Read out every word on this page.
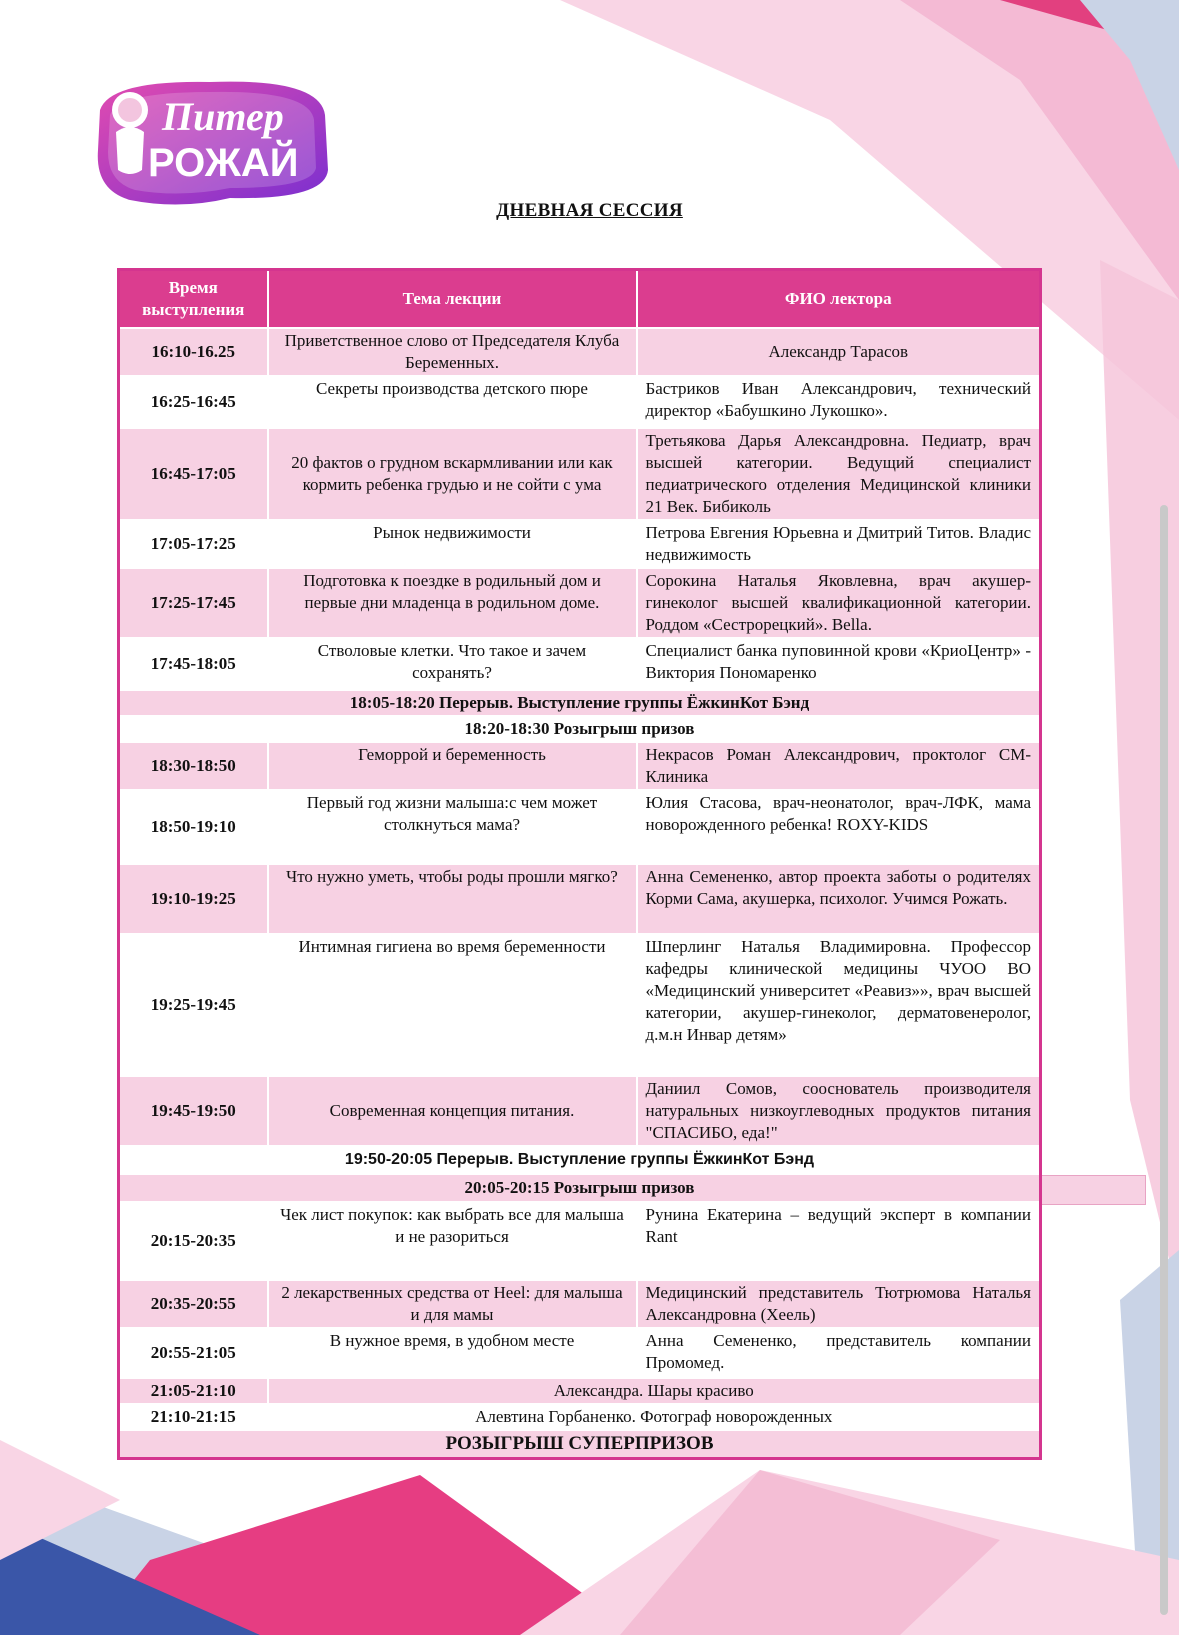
Питер
РОЖАЙ
ДНЕВНАЯ СЕССИЯ
Время выступления	Тема лекции	ФИО лектора
16:10-16.25	Приветственное слово от Председателя Клуба Беременных.	Александр Тарасов
16:25-16:45	Секреты производства детского пюре	Бастриков Иван Александрович, технический директор «Бабушкино Лукошко».
16:45-17:05	20 фактов о грудном вскармливании или как кормить ребенка грудью и не сойти с ума	Третьякова Дарья Александровна. Педиатр, врач высшей категории. Ведущий специалист педиатрического отделения Медицинской клиники 21 Век. Бибиколь
17:05-17:25	Рынок недвижимости	Петрова Евгения Юрьевна и Дмитрий Титов. Владис недвижимость
17:25-17:45	Подготовка к поездке в родильный дом и первые дни младенца в родильном доме.	Сорокина Наталья Яковлевна, врач акушер-гинеколог высшей квалификационной категории. Роддом «Сестрорецкий». Bella.
17:45-18:05	Стволовые клетки. Что такое и зачем сохранять?	Специалист банка пуповинной крови «КриоЦентр» - Виктория Пономаренко
18:05-18:20 Перерыв. Выступление группы ЁжкинКот Бэнд		
18:20-18:30 Розыгрыш призов		
18:30-18:50	Геморрой и беременность	Некрасов Роман Александрович, проктолог СМ-Клиника
18:50-19:10	Первый год жизни малыша:с чем может столкнуться мама?	Юлия Стасова, врач-неонатолог, врач-ЛФК, мама новорожденного ребенка! ROXY-KIDS
19:10-19:25	Что нужно уметь, чтобы роды прошли мягко?	Анна Семененко, автор проекта заботы о родителях Корми Сама, акушерка, психолог. Учимся Рожать.
19:25-19:45	Интимная гигиена во время беременности	Шперлинг Наталья Владимировна. Профессор кафедры клинической медицины ЧУОО ВО «Медицинский университет «Реавиз»», врач высшей категории, акушер-гинеколог, дерматовенеролог, д.м.н Инвар детям»
19:45-19:50	Современная концепция питания.	Даниил Сомов, сооснователь производителя натуральных низкоуглеводных продуктов питания "СПАСИБО, еда!"
19:50-20:05 Перерыв. Выступление группы ЁжкинКот Бэнд		
20:05-20:15 Розыгрыш призов		
20:15-20:35	Чек лист покупок: как выбрать все для малыша и не разориться	Рунина Екатерина – ведущий эксперт в компании Rant
20:35-20:55	2 лекарственных средства от Heel: для малыша и для мамы	Медицинский представитель Тютрюмова Наталья Александровна (Хеель)
20:55-21:05	В нужное время, в удобном месте	Анна Семененко, представитель компании Промомед.
21:05-21:10	Александра. Шары красиво	
21:10-21:15	Алевтина Горбаненко. Фотограф новорожденных	
РОЗЫГРЫШ СУПЕРПРИЗОВ		
